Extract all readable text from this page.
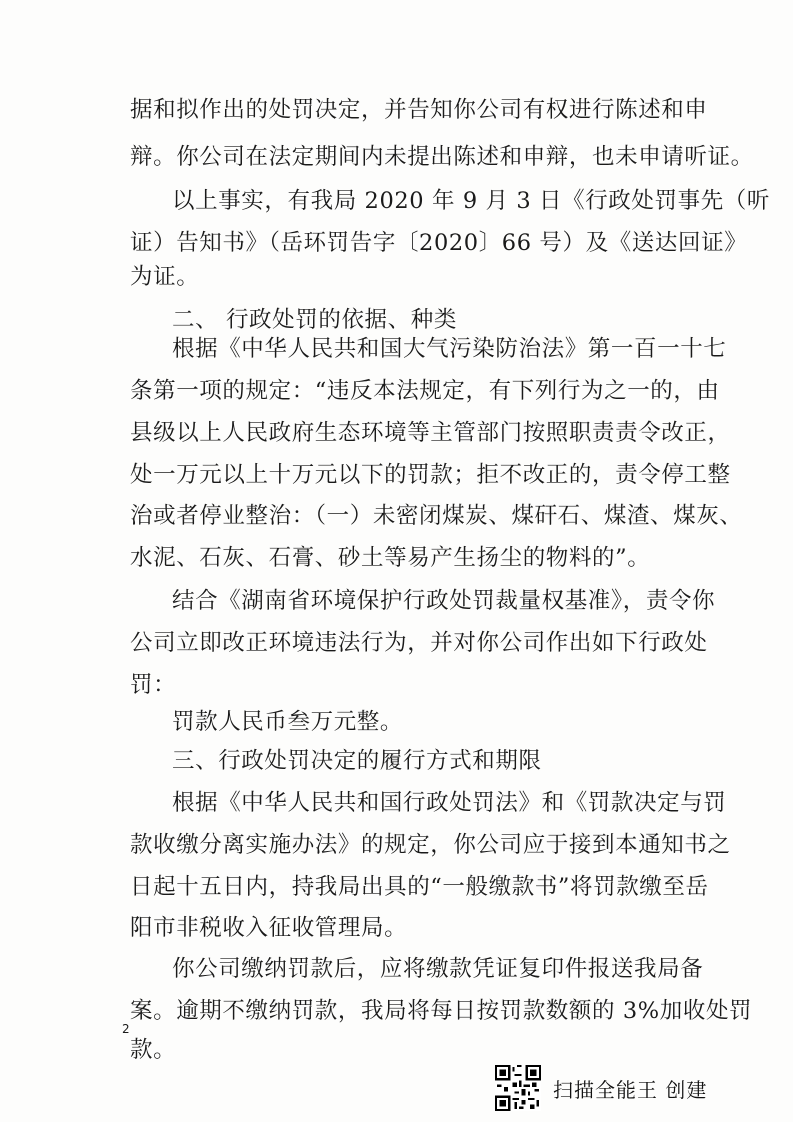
2
扫描全能王 创建
据和拟作出的处罚决定，并告知你公司有权进行陈述和申
辩。你公司在法定期间内未提出陈述和申辩，也未申请听证。
以上事实，有我局 2020 年 9 月 3 日《行政处罚事先（听
证）告知书》（岳环罚告字〔2020〕66 号）及《送达回证》
为证。
二、 行政处罚的依据、种类
根据《中华人民共和国大气污染防治法》第一百一十七
条第一项的规定：“违反本法规定，有下列行为之一的，由
县级以上人民政府生态环境等主管部门按照职责责令改正，
处一万元以上十万元以下的罚款；拒不改正的，责令停工整
治或者停业整治：（一）未密闭煤炭、煤矸石、煤渣、煤灰、
水泥、石灰、石膏、砂土等易产生扬尘的物料的”。
结合《湖南省环境保护行政处罚裁量权基准》，责令你
公司立即改正环境违法行为，并对你公司作出如下行政处
罚：
罚款人民币叁万元整。
三、行政处罚决定的履行方式和期限
根据《中华人民共和国行政处罚法》和《罚款决定与罚
款收缴分离实施办法》的规定，你公司应于接到本通知书之
日起十五日内，持我局出具的“一般缴款书”将罚款缴至岳
阳市非税收入征收管理局。
你公司缴纳罚款后，应将缴款凭证复印件报送我局备
案。逾期不缴纳罚款，我局将每日按罚款数额的 3%加收处罚
款。
